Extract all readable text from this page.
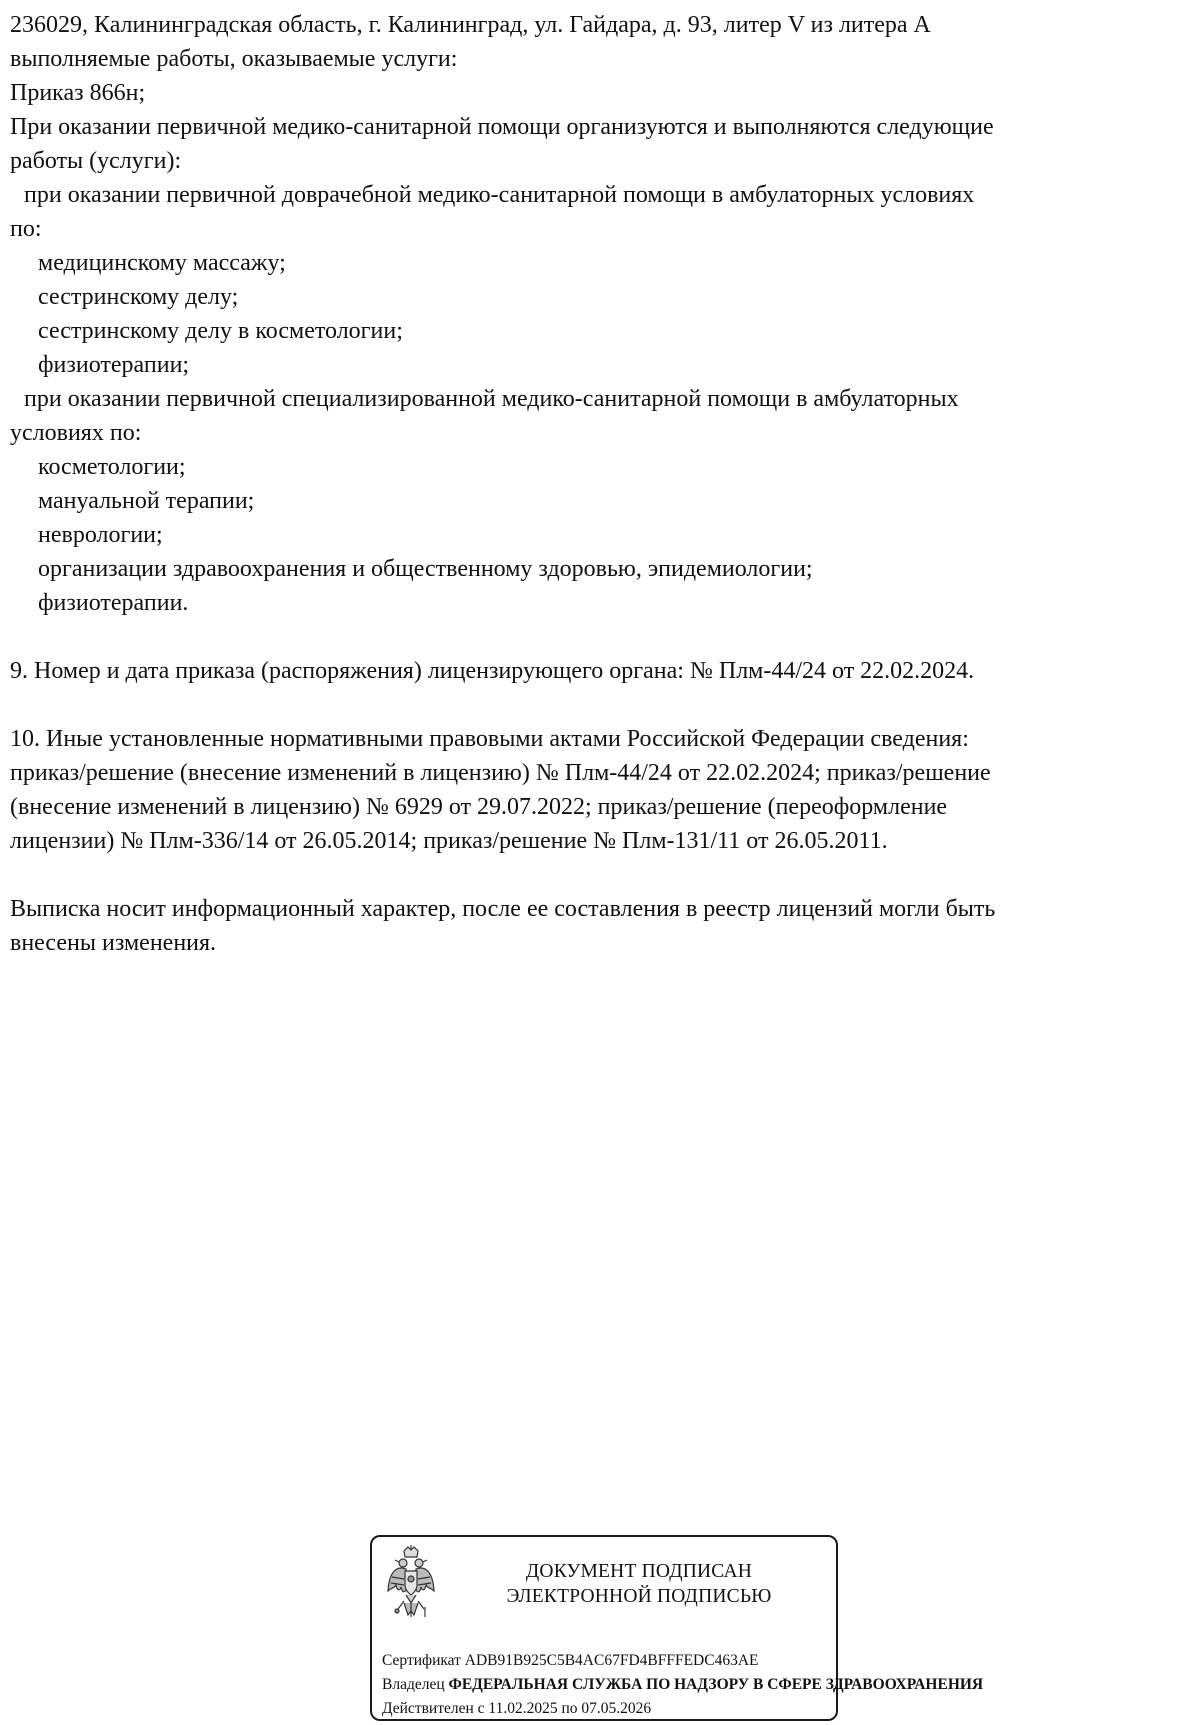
236029, Калининградская область, г. Калининград, ул. Гайдара, д. 93, литер V из литера A
выполняемые работы, оказываемые услуги:
Приказ 866н;
При оказании первичной медико-санитарной помощи организуются и выполняются следующие
работы (услуги):
при оказании первичной доврачебной медико-санитарной помощи в амбулаторных условиях
по:
медицинскому массажу;
сестринскому делу;
сестринскому делу в косметологии;
физиотерапии;
при оказании первичной специализированной медико-санитарной помощи в амбулаторных
условиях по:
косметологии;
мануальной терапии;
неврологии;
организации здравоохранения и общественному здоровью, эпидемиологии;
физиотерапии.
9. Номер и дата приказа (распоряжения) лицензирующего органа: № Плм-44/24 от 22.02.2024.
10. Иные установленные нормативными правовыми актами Российской Федерации сведения:
приказ/решение (внесение изменений в лицензию) № Плм-44/24 от 22.02.2024; приказ/решение
(внесение изменений в лицензию) № 6929 от 29.07.2022; приказ/решение (переоформление
лицензии) № Плм-336/14 от 26.05.2014; приказ/решение № Плм-131/11 от 26.05.2011.
Выписка носит информационный характер, после ее составления в реестр лицензий могли быть
внесены изменения.
ДОКУМЕНТ ПОДПИСАН
ЭЛЕКТРОННОЙ ПОДПИСЬЮ
Сертификат ADB91B925C5B4AC67FD4BFFFEDC463AE
Владелец ФЕДЕРАЛЬНАЯ СЛУЖБА ПО НАДЗОРУ В СФЕРЕ ЗДРАВООХРАНЕНИЯ
Действителен с 11.02.2025 по 07.05.2026
